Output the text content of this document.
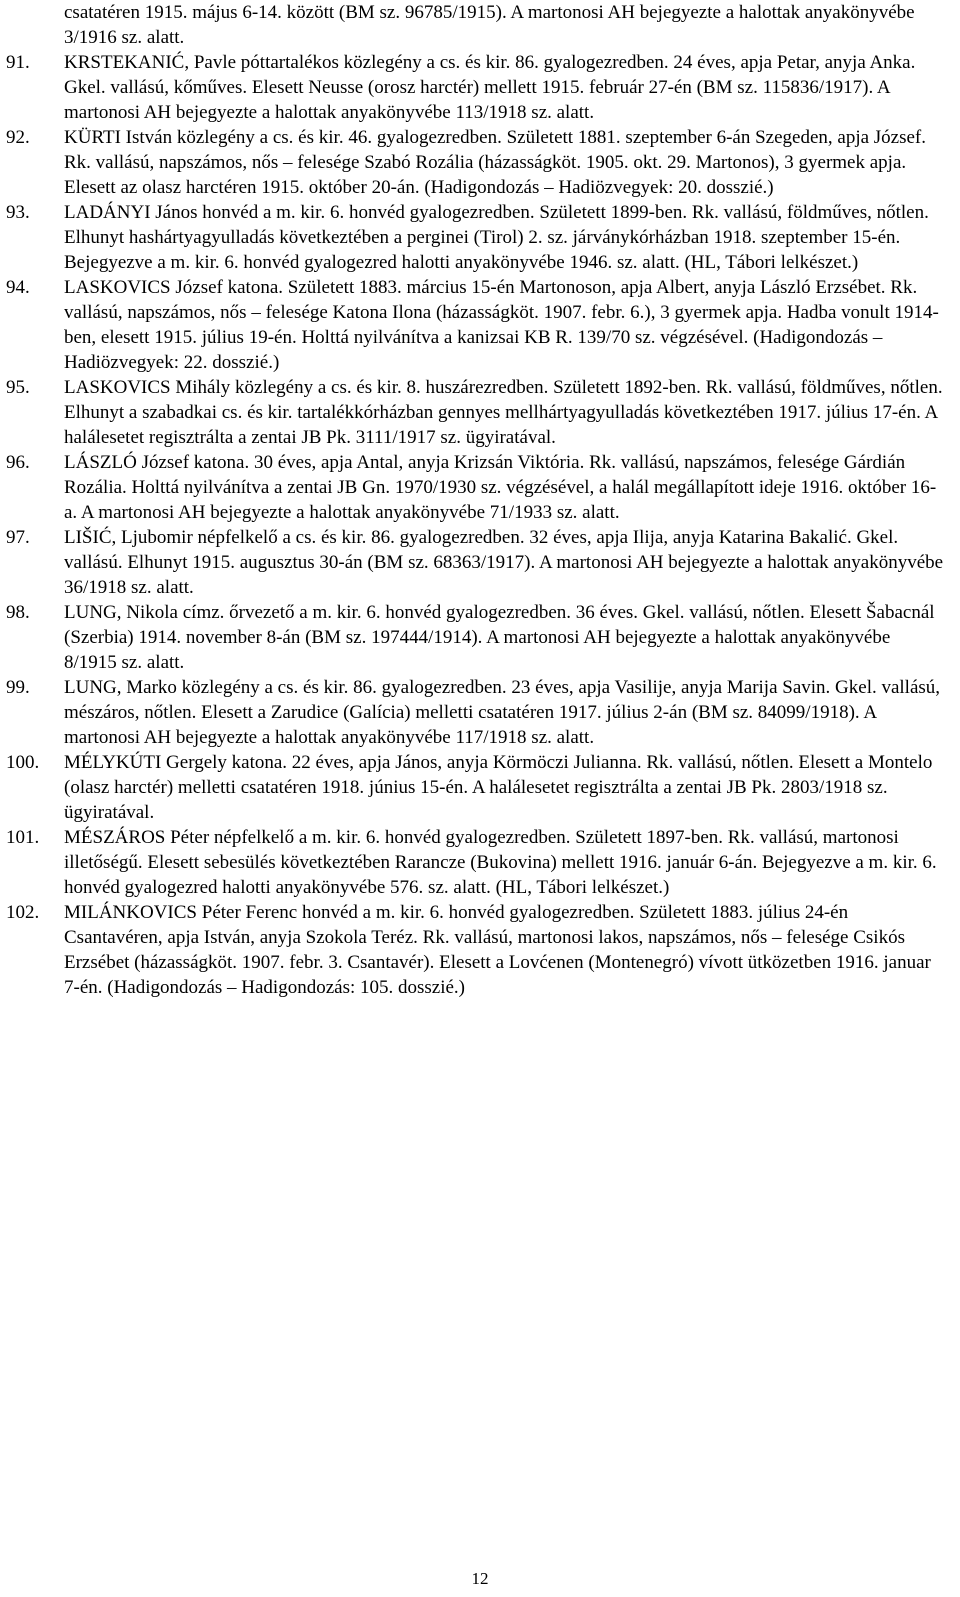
csatatéren 1915. május 6-14. között (BM sz. 96785/1915). A martonosi AH bejegyezte a halottak anyakönyvébe 3/1916 sz. alatt.
91.	KRSTEKANIĆ, Pavle póttartalékos közlegény a cs. és kir. 86. gyalogezredben. 24 éves, apja Petar, anyja Anka. Gkel. vallású, kőműves. Elesett Neusse (orosz harctér) mellett 1915. február 27-én (BM sz. 115836/1917). A martonosi AH bejegyezte a halottak anyakönyvébe 113/1918 sz. alatt.
92.	KÜRTI István közlegény a cs. és kir. 46. gyalogezredben. Született 1881. szeptember 6-án Szegeden, apja József. Rk. vallású, napszámos, nős – felesége Szabó Rozália (házasságköt. 1905. okt. 29. Martonos), 3 gyermek apja. Elesett az olasz harctéren 1915. október 20-án. (Hadigondozás – Hadiözvegyek: 20. dosszié.)
93.	LADÁNYI János honvéd a m. kir. 6. honvéd gyalogezredben. Született 1899-ben. Rk. vallású, földműves, nőtlen. Elhunyt hashártyagyulladás következtében a perginei (Tirol) 2. sz. járványkórházban 1918. szeptember 15-én. Bejegyezve a m. kir. 6. honvéd gyalogezred halotti anyakönyvébe 1946. sz. alatt. (HL, Tábori lelkészet.)
94.	LASKOVICS József katona. Született 1883. március 15-én Martonoson, apja Albert, anyja László Erzsébet. Rk. vallású, napszámos, nős – felesége Katona Ilona (házasságköt. 1907. febr. 6.), 3 gyermek apja. Hadba vonult 1914-ben, elesett 1915. július 19-én. Holttá nyilvánítva a kanizsai KB R. 139/70 sz. végzésével. (Hadigondozás – Hadiözvegyek: 22. dosszié.)
95.	LASKOVICS Mihály közlegény a cs. és kir. 8. huszárezredben. Született 1892-ben. Rk. vallású, földműves, nőtlen. Elhunyt a szabadkai cs. és kir. tartalékkórházban gennyes mellhártyagyulladás következtében 1917. július 17-én. A halálesetet regisztrálta a zentai JB Pk. 3111/1917 sz. ügyiratával.
96.	LÁSZLÓ József katona. 30 éves, apja Antal, anyja Krizsán Viktória. Rk. vallású, napszámos, felesége Gárdián Rozália. Holttá nyilvánítva a zentai JB Gn. 1970/1930 sz. végzésével, a halál megállapított ideje 1916. október 16-a. A martonosi AH bejegyezte a halottak anyakönyvébe 71/1933 sz. alatt.
97.	LIŠIĆ, Ljubomir népfelkelő a cs. és kir. 86. gyalogezredben. 32 éves, apja Ilija, anyja Katarina Bakalić. Gkel. vallású. Elhunyt 1915. augusztus 30-án (BM sz. 68363/1917). A martonosi AH bejegyezte a halottak anyakönyvébe 36/1918 sz. alatt.
98.	LUNG, Nikola címz. őrvezető a m. kir. 6. honvéd gyalogezredben. 36 éves. Gkel. vallású, nőtlen. Elesett Šabacnál (Szerbia) 1914. november 8-án (BM sz. 197444/1914). A martonosi AH bejegyezte a halottak anyakönyvébe 8/1915 sz. alatt.
99.	LUNG, Marko közlegény a cs. és kir. 86. gyalogezredben. 23 éves, apja Vasilije, anyja Marija Savin. Gkel. vallású, mészáros, nőtlen. Elesett a Zarudice (Galícia) melletti csatatéren 1917. július 2-án (BM sz. 84099/1918). A martonosi AH bejegyezte a halottak anyakönyvébe 117/1918 sz. alatt.
100.	MÉLYKÚTI Gergely katona. 22 éves, apja János, anyja Körmöczi Julianna. Rk. vallású, nőtlen. Elesett a Montelo (olasz harctér) melletti csatatéren 1918. június 15-én. A halálesetet regisztrálta a zentai JB Pk. 2803/1918 sz. ügyiratával.
101.	MÉSZÁROS Péter népfelkelő a m. kir. 6. honvéd gyalogezredben. Született 1897-ben. Rk. vallású, martonosi illetőségű. Elesett sebesülés következtében Rarancze (Bukovina) mellett 1916. január 6-án. Bejegyezve a m. kir. 6. honvéd gyalogezred halotti anyakönyvébe 576. sz. alatt. (HL, Tábori lelkészet.)
102.	MILÁNKOVICS Péter Ferenc honvéd a m. kir. 6. honvéd gyalogezredben. Született 1883. július 24-én Csantavéren, apja István, anyja Szokola Teréz. Rk. vallású, martonosi lakos, napszámos, nős – felesége Csikós Erzsébet (házasságköt. 1907. febr. 3. Csantavér). Elesett a Lovćenen (Montenegró) vívott ütközetben 1916. januar 7-én. (Hadigondozás – Hadigondozás: 105. dosszié.)
12
